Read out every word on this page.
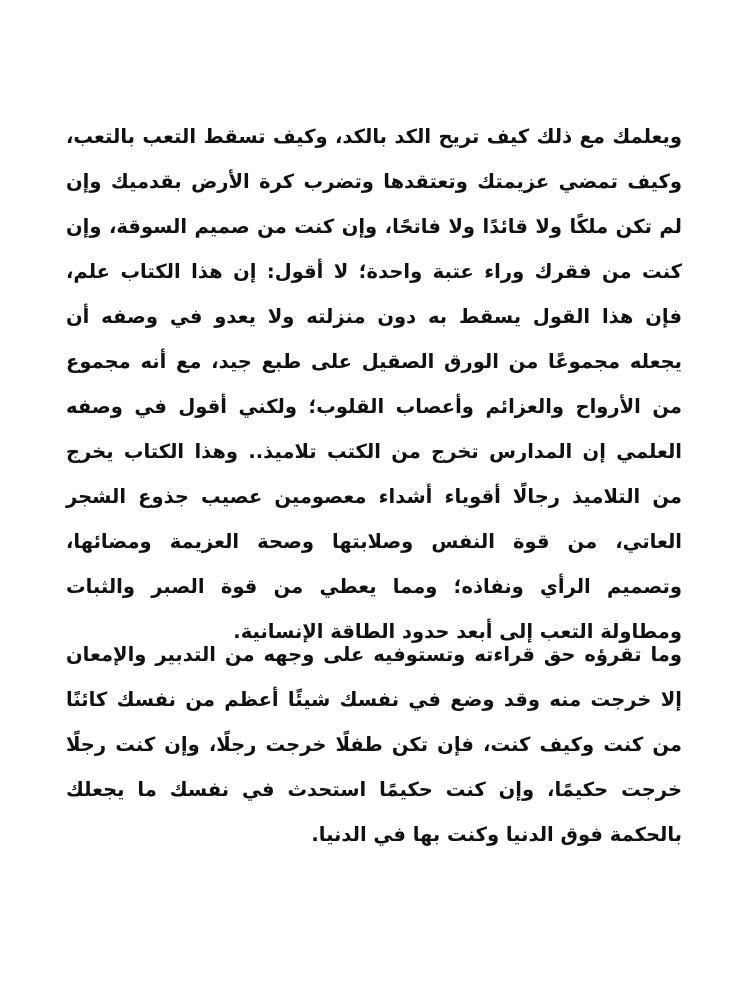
ويعلمك مع ذلك كيف تريح الكد بالكد، وكيف تسقط التعب بالتعب، وكيف تمضي عزيمتك وتعتقدها وتضرب كرة الأرض بقدميك وإن لم تكن ملكًا ولا قائدًا ولا فاتحًا، وإن كنت من صميم السوقة، وإن كنت من فقرك وراء عتبة واحدة؛ لا أقول: إن هذا الكتاب علم، فإن هذا القول يسقط به دون منزلته ولا يعدو في وصفه أن يجعله مجموعًا من الورق الصقيل على طبع جيد، مع أنه مجموع من الأرواح والعزائم وأعصاب القلوب؛ ولكني أقول في وصفه العلمي إن المدارس تخرج من الكتب تلاميذ.. وهذا الكتاب يخرج من التلاميذ رجالًا أقوياء أشداء معصومين عصيب جذوع الشجر العاتي، من قوة النفس وصلابتها وصحة العزيمة ومضائها، وتصميم الرأي ونفاذه؛ ومما يعطي من قوة الصبر والثبات ومطاولة التعب إلى أبعد حدود الطاقة الإنسانية.

وما تقرؤه حق قراءته وتستوفيه على وجهه من التدبير والإمعان إلا خرجت منه وقد وضع في نفسك شيئًا أعظم من نفسك كائنًا من كنت وكيف كنت، فإن تكن طفلًا خرجت رجلًا، وإن كنت رجلًا خرجت حكيمًا، وإن كنت حكيمًا استحدث في نفسك ما يجعلك بالحكمة فوق الدنيا وكنت بها في الدنيا.
